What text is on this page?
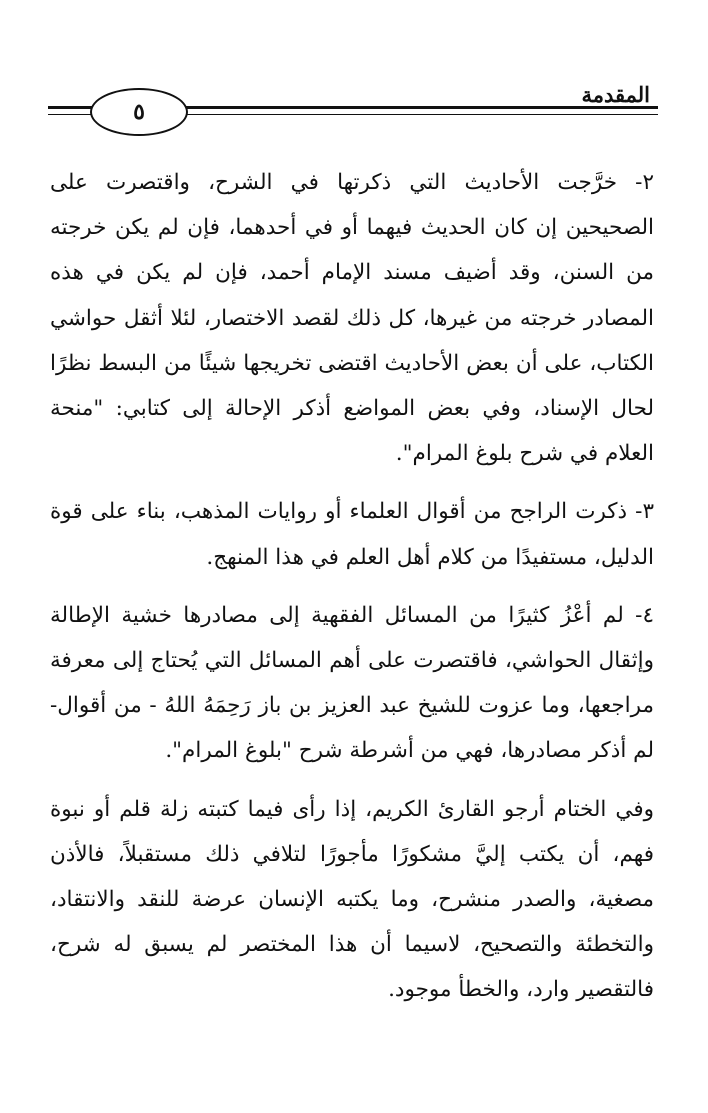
٥
المقدمة

٢- خرَّجت الأحاديث التي ذكرتها في الشرح، واقتصرت على الصحيحين إن كان الحديث فيهما أو في أحدهما، فإن لم يكن خرجته من السنن، وقد أضيف مسند الإمام أحمد، فإن لم يكن في هذه المصادر خرجته من غيرها، كل ذلك لقصد الاختصار، لئلا أثقل حواشي الكتاب، على أن بعض الأحاديث اقتضى تخريجها شيئًا من البسط نظرًا لحال الإسناد، وفي بعض المواضع أذكر الإحالة إلى كتابي: "منحة العلام في شرح بلوغ المرام".

٣- ذكرت الراجح من أقوال العلماء أو روايات المذهب، بناء على قوة الدليل، مستفيدًا من كلام أهل العلم في هذا المنهج.

٤- لم أعْزُ كثيرًا من المسائل الفقهية إلى مصادرها خشية الإطالة وإثقال الحواشي، فاقتصرت على أهم المسائل التي يُحتاج إلى معرفة مراجعها، وما عزوت للشيخ عبد العزيز بن باز رَحِمَهُ اللهُ - من أقوال- لم أذكر مصادرها، فهي من أشرطة شرح "بلوغ المرام".

وفي الختام أرجو القارئ الكريم، إذا رأى فيما كتبته زلة قلم أو نبوة فهم، أن يكتب إليَّ مشكورًا مأجورًا لتلافي ذلك مستقبلاً، فالأذن مصغية، والصدر منشرح، وما يكتبه الإنسان عرضة للنقد والانتقاد، والتخطئة والتصحيح، لاسيما أن هذا المختصر لم يسبق له شرح، فالتقصير وارد، والخطأ موجود.
